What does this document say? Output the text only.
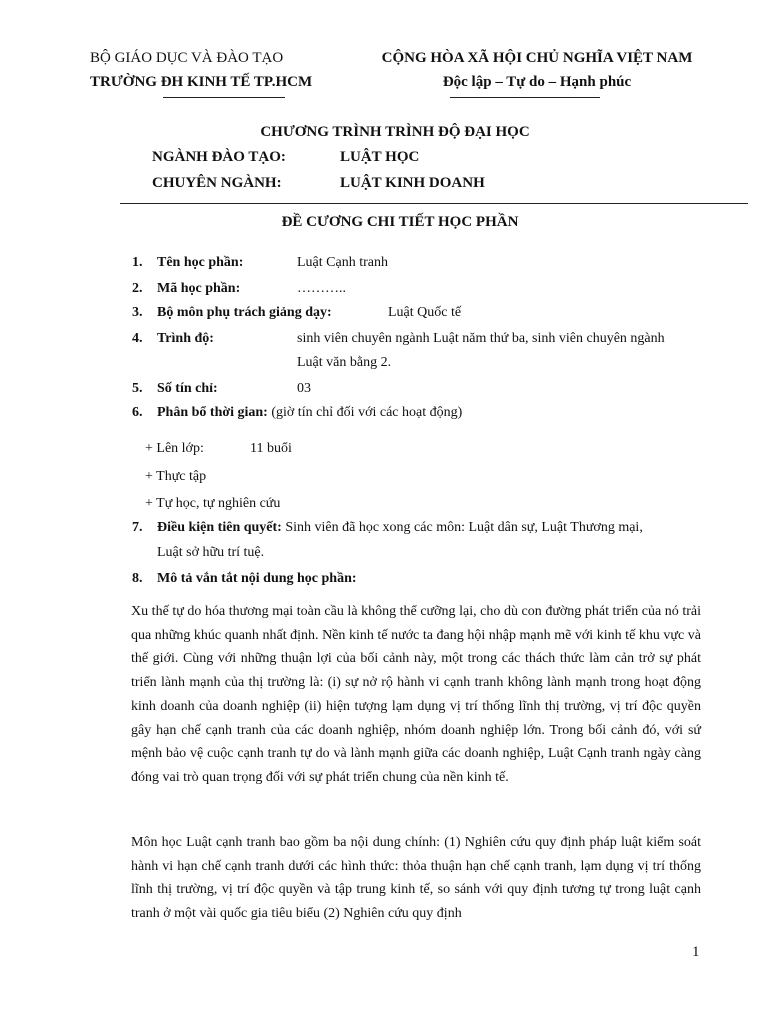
BỘ GIÁO DỤC VÀ ĐÀO TẠO
TRƯỜNG ĐH KINH TẾ TP.HCM
CỘNG HÒA XÃ HỘI CHỦ NGHĨA VIỆT NAM
Độc lập – Tự do – Hạnh phúc
CHƯƠNG TRÌNH TRÌNH ĐỘ ĐẠI HỌC
NGÀNH ĐÀO TẠO:	LUẬT HỌC
CHUYÊN NGÀNH:	LUẬT KINH DOANH
ĐỀ CƯƠNG CHI TIẾT HỌC PHẦN
1. Tên học phần:	Luật Cạnh tranh
2. Mã học phần:	………..
3. Bộ môn phụ trách giảng dạy:	Luật Quốc tế
4. Trình độ:	sinh viên chuyên ngành Luật năm thứ ba, sinh viên chuyên ngành
Luật văn bằng 2.
5. Số tín chỉ:	03
6. Phân bổ thời gian: (giờ tín chỉ đối với các hoạt động)
+ Lên lớp:	11 buổi
+ Thực tập
+ Tự học, tự nghiên cứu
7. Điều kiện tiên quyết: Sinh viên đã học xong các môn: Luật dân sự, Luật Thương mại,
Luật sở hữu trí tuệ.
8. Mô tả vắn tắt nội dung học phần:
Xu thế tự do hóa thương mại toàn cầu là không thể cưỡng lại, cho dù con đường phát triển của nó trải qua những khúc quanh nhất định. Nền kinh tế nước ta đang hội nhập mạnh mẽ với kinh tế khu vực và thế giới. Cùng với những thuận lợi của bối cảnh này, một trong các thách thức làm cản trở sự phát triển lành mạnh của thị trường là: (i) sự nở rộ hành vi cạnh tranh không lành mạnh trong hoạt động kinh doanh của doanh nghiệp (ii) hiện tượng lạm dụng vị trí thống lĩnh thị trường, vị trí độc quyền gây hạn chế cạnh tranh của các doanh nghiệp, nhóm doanh nghiệp lớn. Trong bối cảnh đó, với sứ mệnh bảo vệ cuộc cạnh tranh tự do và lành mạnh giữa các doanh nghiệp, Luật Cạnh tranh ngày càng đóng vai trò quan trọng đối với sự phát triển chung của nền kinh tế.
Môn học Luật cạnh tranh bao gồm ba nội dung chính: (1) Nghiên cứu quy định pháp luật kiểm soát hành vi hạn chế cạnh tranh dưới các hình thức: thỏa thuận hạn chế cạnh tranh, lạm dụng vị trí thống lĩnh thị trường, vị trí độc quyền và tập trung kinh tế, so sánh với quy định tương tự trong luật cạnh tranh ở một vài quốc gia tiêu biểu (2) Nghiên cứu quy định
1
